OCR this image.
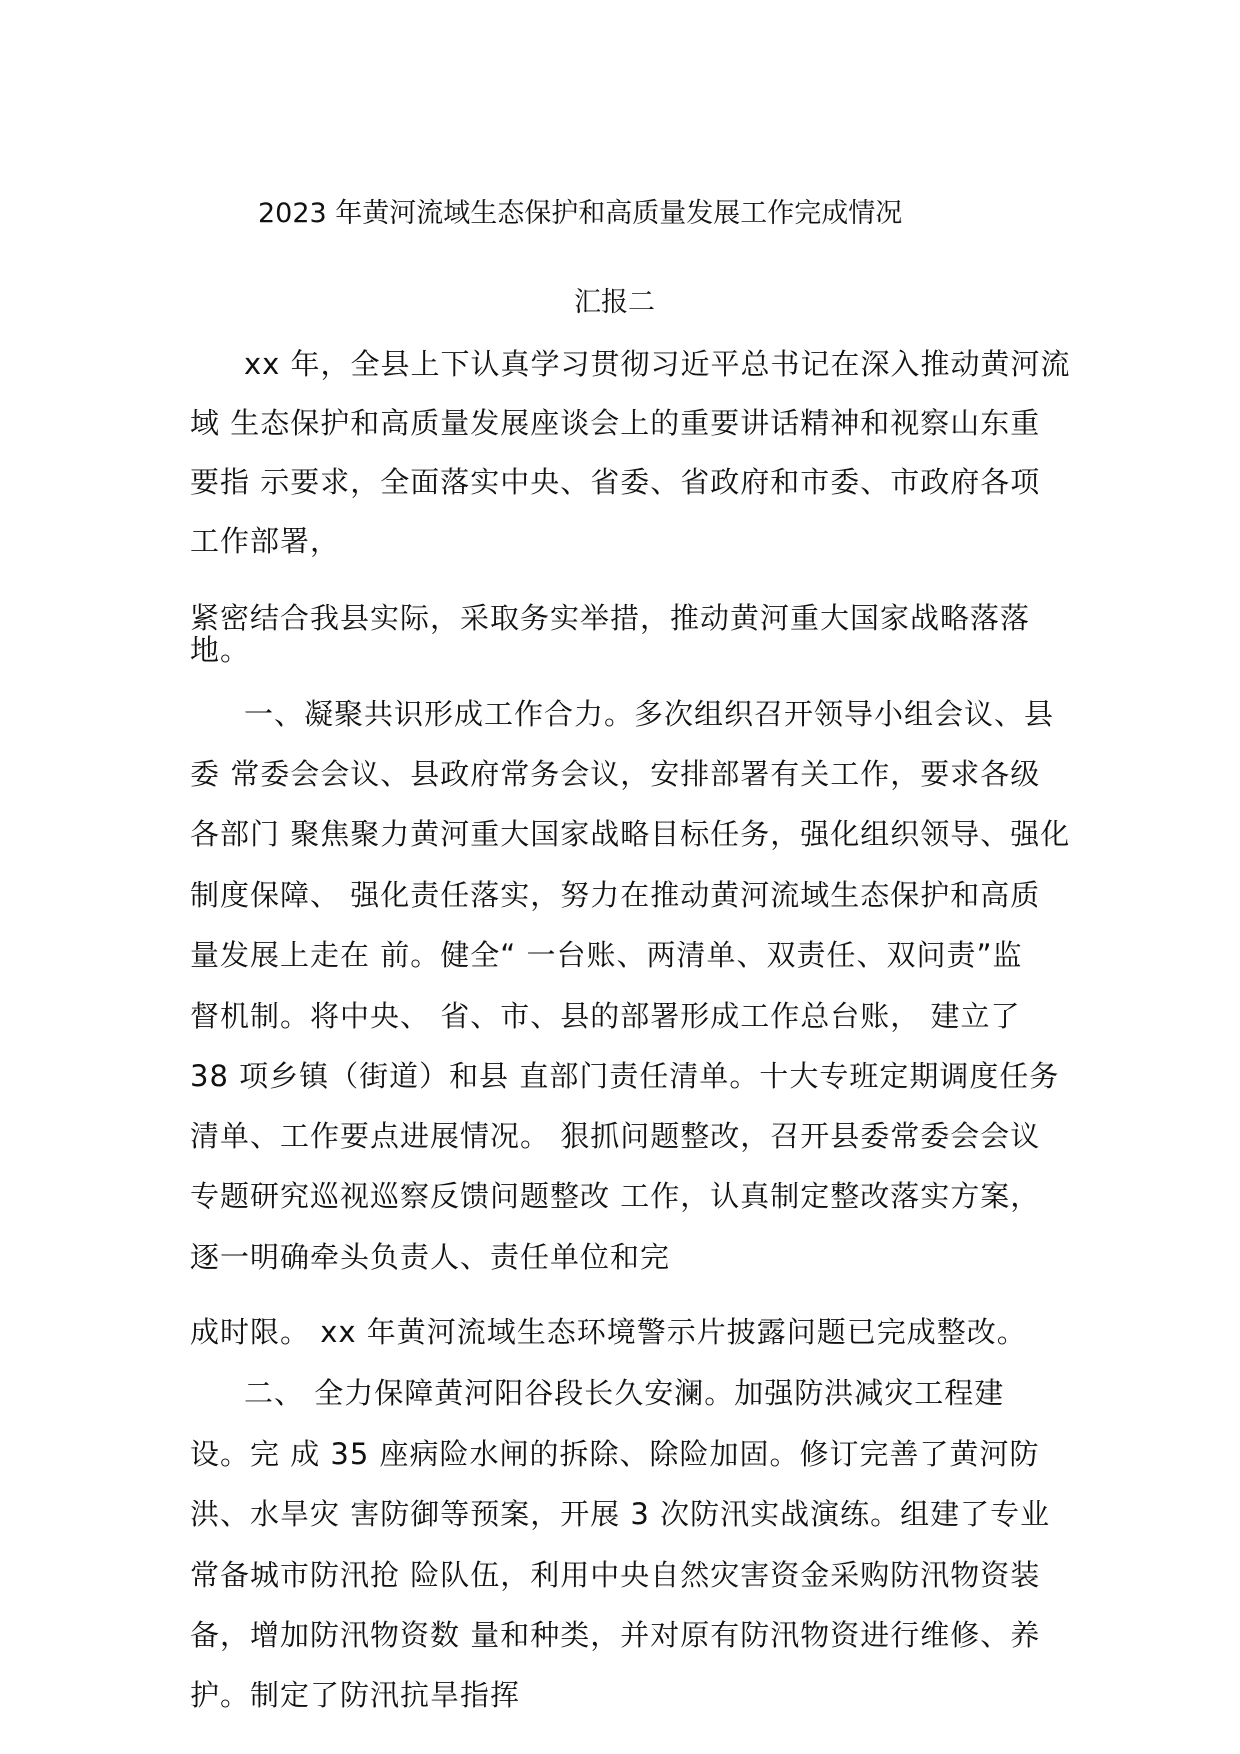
2023 年黄河流域生态保护和高质量发展工作完成情况
汇报二
xx 年，全县上下认真学习贯彻习近平总书记在深入推动黄河流
域 生态保护和高质量发展座谈会上的重要讲话精神和视察山东重
要指 示要求，全面落实中央、省委、省政府和市委、市政府各项
工作部署，
紧密结合我县实际，采取务实举措，推动黄河重大国家战略落落
地。
一、凝聚共识形成工作合力。多次组织召开领导小组会议、县
委 常委会会议、县政府常务会议，安排部署有关工作，要求各级
各部门 聚焦聚力黄河重大国家战略目标任务，强化组织领导、强化
制度保障、 强化责任落实，努力在推动黄河流域生态保护和高质
量发展上走在 前。健全“ 一台账、两清单、双责任、双问责”监
督机制。将中央、 省、市、县的部署形成工作总台账， 建立了
38 项乡镇（街道）和县 直部门责任清单。十大专班定期调度任务
清单、工作要点进展情况。 狠抓问题整改，召开县委常委会会议
专题研究巡视巡察反馈问题整改 工作，认真制定整改落实方案，
逐一明确牵头负责人、责任单位和完
成时限。 xx 年黄河流域生态环境警示片披露问题已完成整改。
二、 全力保障黄河阳谷段长久安澜。加强防洪减灾工程建
设。完 成 35 座病险水闸的拆除、除险加固。修订完善了黄河防
洪、水旱灾 害防御等预案，开展 3 次防汛实战演练。组建了专业
常备城市防汛抢 险队伍，利用中央自然灾害资金采购防汛物资装
备，增加防汛物资数 量和种类，并对原有防汛物资进行维修、养
护。制定了防汛抗旱指挥
